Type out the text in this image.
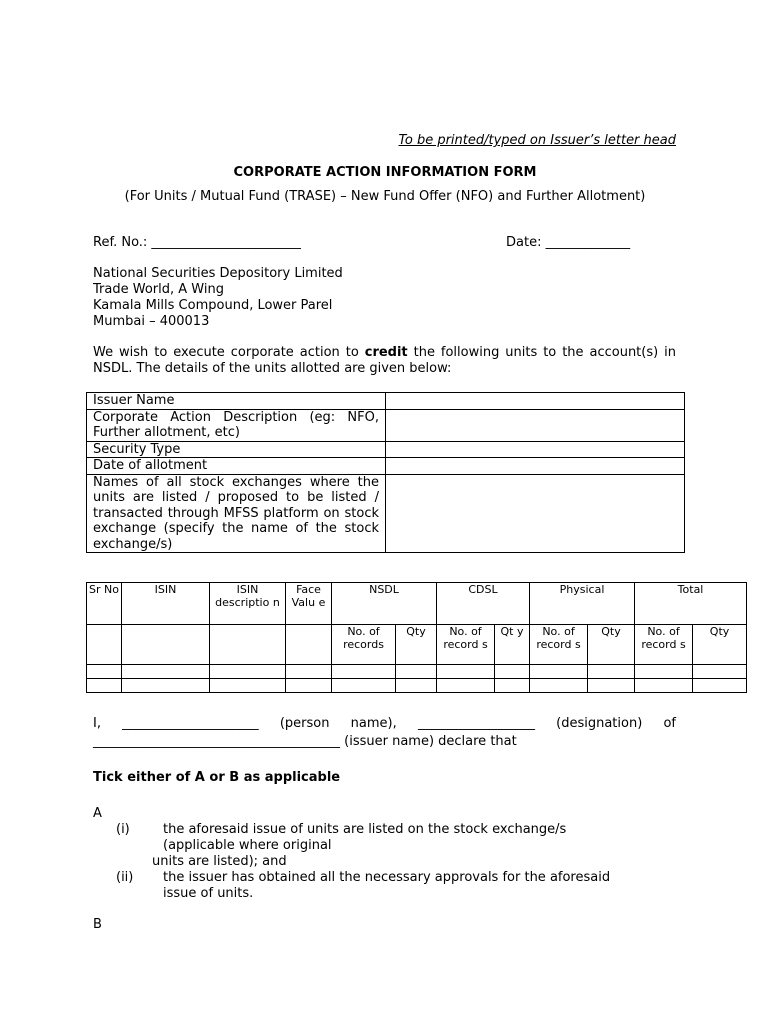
To be printed/typed on Issuer’s letter head
CORPORATE ACTION INFORMATION FORM
(For Units / Mutual Fund (TRASE) – New Fund Offer (NFO) and Further Allotment)
Ref. No.: _______________________	Date: _____________
National Securities Depository Limited
Trade World, A Wing
Kamala Mills Compound, Lower Parel
Mumbai – 400013
We wish to execute corporate action to credit the following units to the account(s) in NSDL. The details of the units allotted are given below:
Issuer Name	
Corporate Action Description (eg: NFO, Further allotment, etc)	
Security Type	
Date of allotment	
Names of all stock exchanges where the units are listed / proposed to be listed / transacted through MFSS platform on stock exchange (specify the name of the stock exchange/s)	
Sr No	ISIN	ISIN descriptio n	Face Valu e	NSDL		CDSL		Physical		Total	
				No. of records	Qty	No. of record s	Qt y	No. of record s	Qty	No. of record s	Qty

I, _____________________ (person name), __________________ (designation) of
______________________________________ (issuer name) declare that
Tick either of A or B as applicable
A
(i)	the aforesaid issue of units are listed on the stock exchange/s
(applicable where original
units are listed); and
(ii) the issuer has obtained all the necessary approvals for the aforesaid
issue of units.
B
